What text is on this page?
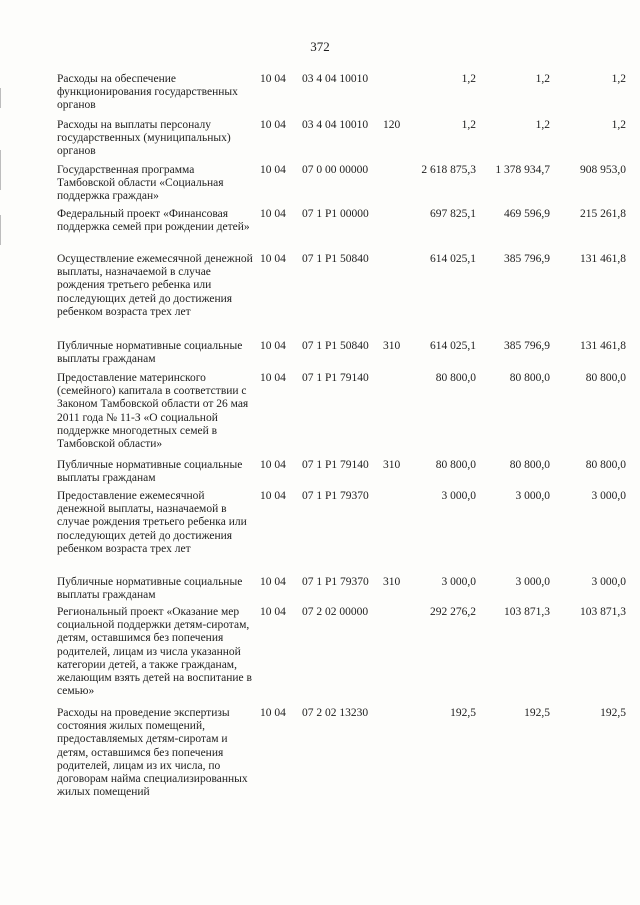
372
Расходы на обеспечение функционирования государственных органов
10 04	03 4 04 10010	1,2	1,2	1,2
Расходы на выплаты персоналу государственных (муниципальных) органов
10 04	03 4 04 10010	120	1,2	1,2	1,2
Государственная программа Тамбовской области «Социальная поддержка граждан»
10 04	07 0 00 00000	2 618 875,3	1 378 934,7	908 953,0
Федеральный проект «Финансовая поддержка семей при рождении детей»
10 04	07 1 P1 00000	697 825,1	469 596,9	215 261,8
Осуществление ежемесячной денежной выплаты, назначаемой в случае рождения третьего ребенка или последующих детей до достижения ребенком возраста трех лет
10 04	07 1 P1 50840	614 025,1	385 796,9	131 461,8
Публичные нормативные социальные выплаты гражданам
10 04	07 1 P1 50840	310	614 025,1	385 796,9	131 461,8
Предоставление материнского (семейного) капитала в соответствии с Законом Тамбовской области от 26 мая 2011 года № 11-З «О социальной поддержке многодетных семей в Тамбовской области»
10 04	07 1 P1 79140	80 800,0	80 800,0	80 800,0
Публичные нормативные социальные выплаты гражданам
10 04	07 1 P1 79140	310	80 800,0	80 800,0	80 800,0
Предоставление ежемесячной денежной выплаты, назначаемой в случае рождения третьего ребенка или последующих детей до достижения ребенком возраста трех лет
10 04	07 1 P1 79370	3 000,0	3 000,0	3 000,0
Публичные нормативные социальные выплаты гражданам
10 04	07 1 P1 79370	310	3 000,0	3 000,0	3 000,0
Региональный проект «Оказание мер социальной поддержки детям-сиротам, детям, оставшимся без попечения родителей, лицам из числа указанной категории детей, а также гражданам, желающим взять детей на воспитание в семью»
10 04	07 2 02 00000	292 276,2	103 871,3	103 871,3
Расходы на проведение экспертизы состояния жилых помещений, предоставляемых детям-сиротам и детям, оставшимся без попечения родителей, лицам из их числа, по договорам найма специализированных жилых помещений
10 04	07 2 02 13230	192,5	192,5	192,5
